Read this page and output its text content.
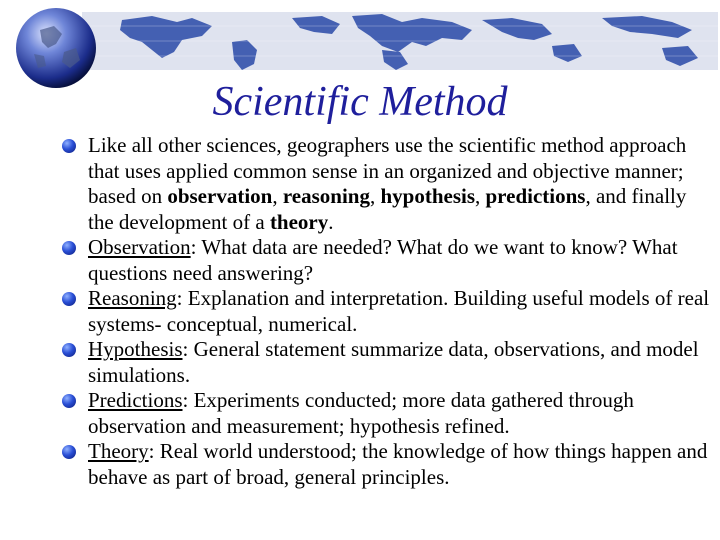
Scientific Method
Like all other sciences, geographers use the scientific method approach that uses applied common sense in an organized and objective manner; based on observation, reasoning, hypothesis, predictions, and finally the development of a theory.
Observation: What data are needed? What do we want to know? What questions need answering?
Reasoning: Explanation and interpretation. Building useful models of real systems- conceptual, numerical.
Hypothesis: General statement summarize data, observations, and model simulations.
Predictions: Experiments conducted; more data gathered through observation and measurement; hypothesis refined.
Theory: Real world understood; the knowledge of how things happen and behave as part of broad, general principles.
